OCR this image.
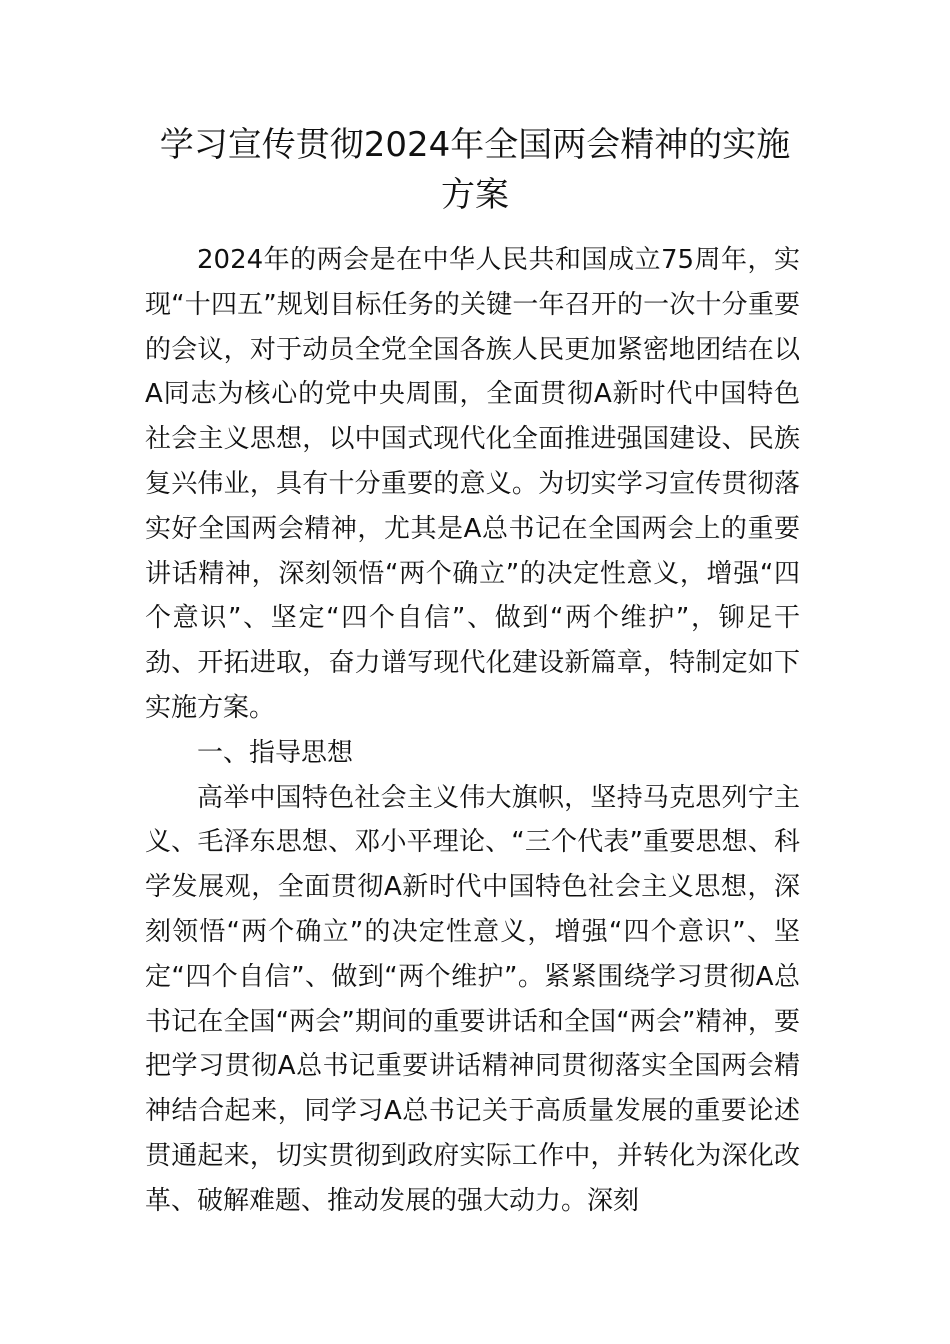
学习宣传贯彻2024年全国两会精神的实施方案

2024年的两会是在中华人民共和国成立75周年，实现“十四五”规划目标任务的关键一年召开的一次十分重要的会议，对于动员全党全国各族人民更加紧密地团结在以A同志为核心的党中央周围，全面贯彻A新时代中国特色社会主义思想，以中国式现代化全面推进强国建设、民族复兴伟业，具有十分重要的意义。为切实学习宣传贯彻落实好全国两会精神，尤其是A总书记在全国两会上的重要讲话精神，深刻领悟“两个确立”的决定性意义，增强“四个意识”、坚定“四个自信”、做到“两个维护”，铆足干劲、开拓进取，奋力谱写现代化建设新篇章，特制定如下实施方案。

一、指导思想

高举中国特色社会主义伟大旗帜，坚持马克思列宁主义、毛泽东思想、邓小平理论、“三个代表”重要思想、科学发展观，全面贯彻A新时代中国特色社会主义思想，深刻领悟“两个确立”的决定性意义，增强“四个意识”、坚定“四个自信”、做到“两个维护”。紧紧围绕学习贯彻A总书记在全国“两会”期间的重要讲话和全国“两会”精神，要把学习贯彻A总书记重要讲话精神同贯彻落实全国两会精神结合起来，同学习A总书记关于高质量发展的重要论述贯通起来，切实贯彻到政府实际工作中，并转化为深化改革、破解难题、推动发展的强大动力。深刻
